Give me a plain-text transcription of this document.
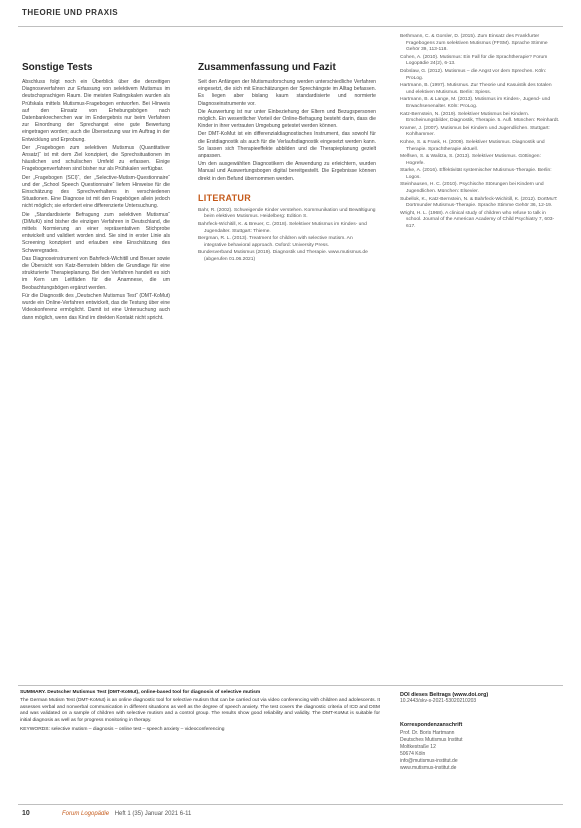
THEORIE UND PRAXIS
Sonstige Tests

Abschluss folgt noch ein Überblick über die derzeitigen Diagnoseverfahren zur Erfassung von selektivem Mutismus im deutschsprachigen Raum. Die meisten Ratingskalen wurden als Prüfskala mittels Mutismus-Fragebogen entworfen. Bei Hinweis auf den Einsatz von Erhebungsbögen nach Datenbankrecherchen war im Endergebnis nur beim Verfahren zur Einordnung der Sprechangst eine gute Bewertung eingetragen worden; auch die Übersetzung war im Auftrag in der Entwicklung und Erprobung.

Der „Fragebogen zum selektiven Mutismus (Quantitativer Ansatz)“ ist mit dem Ziel konzipiert, die Sprechsituationen im häuslichen und schulischen Umfeld zu erfassen. Einige Fragebogenverfahren sind bisher nur als Prüfskalen verfügbar.

Der „Fragebogen (SCI)“, der „Selective-Mutism-Questionnaire“ und der „School Speech Questionnaire“ liefern Hinweise für die Einschätzung des Sprechverhaltens in verschiedenen Situationen. Eine Diagnose ist mit den Fragebögen allein jedoch nicht möglich; sie erfordert eine differenzierte Untersuchung.

Die „Standardisierte Befragung zum selektiven Mutismus“ (DiMuKi) sind bisher die einzigen Verfahren in Deutschland, die mittels Normierung an einer repräsentativen Stichprobe entwickelt und validiert worden sind. Sie sind in erster Linie als Screening konzipiert und erlauben eine Einschätzung des Schweregrades.

Das Diagnoseinstrument von Bahrfeck-Wichitill und Breuer sowie die Übersicht von Katz-Bernstein bilden die Grundlage für eine strukturierte Therapieplanung. Bei den Verfahren handelt es sich im Kern um Leitfäden für die Anamnese, die um Beobachtungsbögen ergänzt werden.

Für die Diagnostik des „Deutschen Mutismus Test“ (DMT-KoMut) wurde ein Online-Verfahren entwickelt, das die Testung über eine Videokonferenz ermöglicht. Damit ist eine Untersuchung auch dann möglich, wenn das Kind im direkten Kontakt nicht spricht.

Zusammenfassung und Fazit

Seit den Anfängen der Mutismusforschung werden unterschiedliche Verfahren eingesetzt, die sich mit Einschätzungen der Sprechängste im Alltag befassen. Es liegen aber bislang kaum standardisierte und normierte Diagnoseinstrumente vor.

Die Auswertung ist nur unter Einbeziehung der Eltern und Bezugspersonen möglich. Ein wesentlicher Vorteil der Online-Befragung besteht darin, dass die Kinder in ihrer vertrauten Umgebung getestet werden können.

Der DMT-KoMut ist ein differenzialdiagnostisches Instrument, das sowohl für die Erstdiagnostik als auch für die Verlaufsdiagnostik eingesetzt werden kann. So lassen sich Therapieeffekte abbilden und die Therapieplanung gezielt anpassen.

Um den ausgewählten Diagnostikern die Anwendung zu erleichtern, wurden Manual und Auswertungsbogen digital bereitgestellt. Die Ergebnisse können direkt in den Befund übernommen werden.

LITERATUR
Bahr, R. (2002). Schweigende Kinder verstehen. Kommunikation und Bewältigung beim elektiven Mutismus. Heidelberg: Edition S.
Bahrfeck-Wichitill, K. & Breuer, C. (2018). Selektiver Mutismus im Kindes- und Jugendalter. Stuttgart: Thieme.
Bergman, R. L. (2013). Treatment for children with selective mutism. An integrative behavioral approach. Oxford: University Press.
Bundesverband Mutismus (2019). Diagnostik und Therapie. www.mutismus.de (abgerufen 01.06.2021)
Bethmann, C. & Gorsler, D. (2015). Zum Einsatz des Frankfurter Fragebogens zum selektiven Mutismus (FFSM). Sprache Stimme Gehör 39, 113-118.
Cohen, A. (2010). Mutismus: Ein Fall für die Sprachtherapie? Forum Logopädie 24(2), 6-13.
Dobslaw, G. (2012). Mutismus – die Angst vor dem Sprechen. Köln: ProLog.
Hartmann, B. (1997). Mutismus. Zur Theorie und Kasuistik des totalen und elektiven Mutismus. Berlin: Spiess.
Hartmann, B. & Lange, M. (2013). Mutismus im Kindes-, Jugend- und Erwachsenenalter. Köln: ProLog.
Katz-Bernstein, N. (2019). Selektiver Mutismus bei Kindern. Erscheinungsbilder, Diagnostik, Therapie. 5. Aufl. München: Reinhardt.
Kramer, J. (2007). Mutismus bei Kindern und Jugendlichen. Stuttgart: Kohlhammer.
Kühne, S. & Frank, H. (2009). Selektiver Mutismus. Diagnostik und Therapie. Sprachtherapie aktuell.
Melfsen, S. & Walitza, S. (2013). Selektiver Mutismus. Göttingen: Hogrefe.
Starke, A. (2016). Effektivität systemischer Mutismus-Therapie. Berlin: Logos.
Steinhausen, H. C. (2010). Psychische Störungen bei Kindern und Jugendlichen. München: Elsevier.
Subellok, K., Katz-Bernstein, N. & Bahrfeck-Wichitill, K. (2012). DortMuT: Dortmunder Mutismus-Therapie. Sprache Stimme Gehör 36, 12-19.
Wright, H. L. (1968). A clinical study of children who refuse to talk in school. Journal of the American Academy of Child Psychiatry 7, 603-617.
SUMMARY. Deutscher Mutismus Test (DMT-KoMut), online-based tool for diagnosis of selective mutism
The German Mutism Test (DMT-KoMut) is an online diagnostic tool for selective mutism that can be carried out via video conferencing with children and adolescents. It assesses verbal and nonverbal communication in different situations as well as the degree of speech anxiety. The test covers the diagnostic criteria of ICD and DSM and was validated on a sample of children with selective mutism and a control group. The results show good reliability and validity. The DMT-KoMut is suitable for initial diagnosis as well as for progress monitoring in therapy.
KEYWORDS: selective mutism – diagnosis – online test – speech anxiety – videoconferencing
DOI dieses Beitrags (www.doi.org)
10.2443/skv-s-2021-53020210203
Korrespondenzanschrift
Prof. Dr. Boris Hartmann
Deutsches Mutismus Institut
Moltkestraße 12
50674 Köln
info@mutismus-institut.de
www.mutismus-institut.de
10	Forum Logopädie Heft 1 (35) Januar 2021 6-11
